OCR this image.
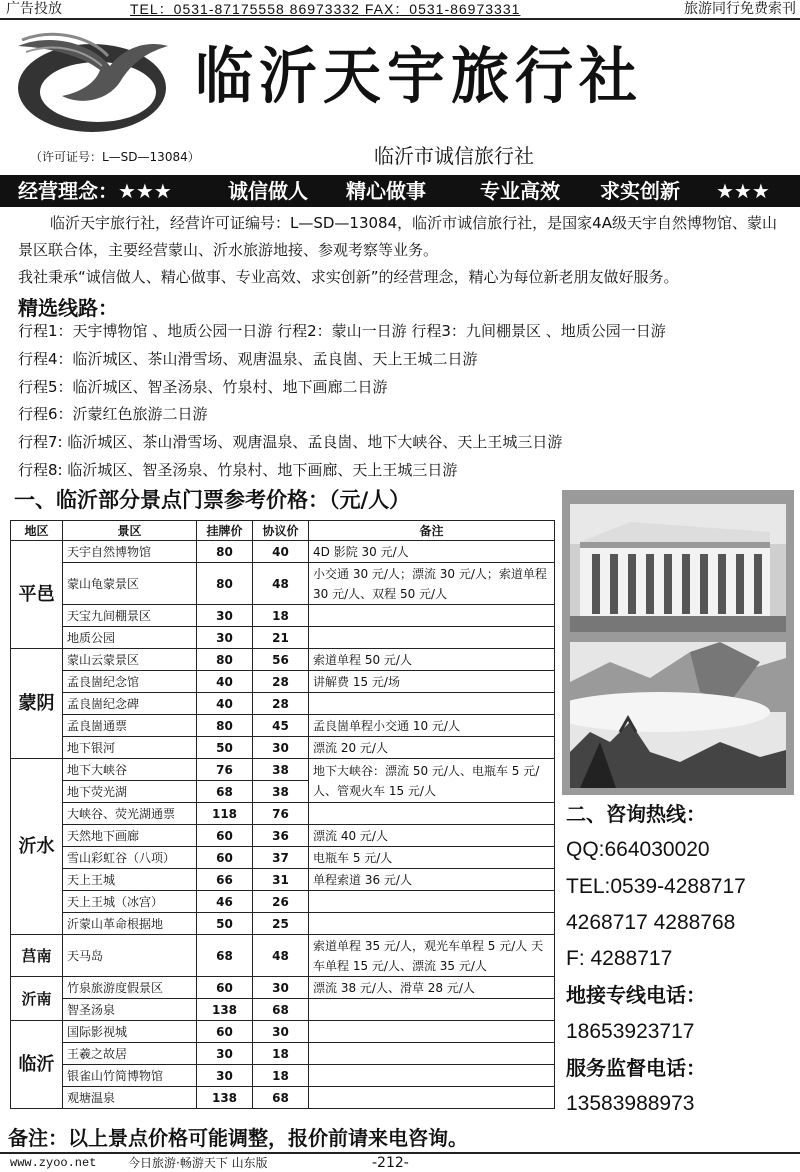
广告投放	TEL：0531-87175558 86973332 FAX：0531-86973331	旅游同行免费索刊
临沂天宇旅行社
（许可证号：L—SD—13084）	临沂市诚信旅行社
经营理念：★★★	诚信做人 精心做事	专业高效 求实创新 ★★★

临沂天宇旅行社，经营许可证编号：L—SD—13084，临沂市诚信旅行社，是国家4A级天宇自然博物馆、蒙山景区联合体，主要经营蒙山、沂水旅游地接、参观考察等业务。

我社秉承“诚信做人、精心做事、专业高效、求实创新”的经营理念，精心为每位新老朋友做好服务。

精选线路：
行程1：天宇博物馆 、地质公园一日游 行程2：蒙山一日游 行程3：九间棚景区 、地质公园一日游
行程4：临沂城区、茶山滑雪场、观唐温泉、孟良崮、天上王城二日游
行程5：临沂城区、智圣汤泉、竹泉村、地下画廊二日游
行程6：沂蒙红色旅游二日游
行程7: 临沂城区、茶山滑雪场、观唐温泉、孟良崮、地下大峡谷、天上王城三日游
行程8: 临沂城区、智圣汤泉、竹泉村、地下画廊、天上王城三日游
一、临沂部分景点门票参考价格：（元/人）
地区	景区	挂牌价	协议价	备注
平邑	天宇自然博物馆	80	40	4D 影院 30 元/人
	蒙山龟蒙景区	80	48	小交通 30 元/人；漂流 30 元/人；索道单程 30 元/人、双程 50 元/人
	天宝九间棚景区	30	18	
	地质公园	30	21	
蒙阴	蒙山云蒙景区	80	56	索道单程 50 元/人
	孟良崮纪念馆	40	28	讲解费 15 元/场
	孟良崮纪念碑	40	28	
	孟良崮通票	80	45	孟良崮单程小交通 10 元/人
	地下银河	50	30	漂流 20 元/人
沂水	地下大峡谷	76	38	地下大峡谷：漂流 50 元/人、电瓶车 5 元/人、管观火车 15 元/人
	地下荧光湖	68	38	
	大峡谷、荧光湖通票	118	76	
	天然地下画廊	60	36	漂流 40 元/人
	雪山彩虹谷（八项）	60	37	电瓶车 5 元/人
	天上王城	66	31	单程索道 36 元/人
	天上王城（冰宫）	46	26	
	沂蒙山革命根据地	50	25	
莒南	天马岛	68	48	索道单程 35 元/人，观光车单程 5 元/人 天车单程 15 元/人、漂流 35 元/人
沂南	竹泉旅游度假景区	60	30	漂流 38 元/人、滑草 28 元/人
	智圣汤泉	138	68	
临沂	国际影视城	60	30	
	王羲之故居	30	18	
	银雀山竹简博物馆	30	18	
	观塘温泉	138	68	
二、咨询热线：
QQ:664030020
TEL:0539-4288717
4268717 4288768
F: 4288717
地接专线电话：
18653923717
服务监督电话：
13583988973
备注：以上景点价格可能调整，报价前请来电咨询。
www.zyoo.net	今日旅游·畅游天下 山东版	-212-
